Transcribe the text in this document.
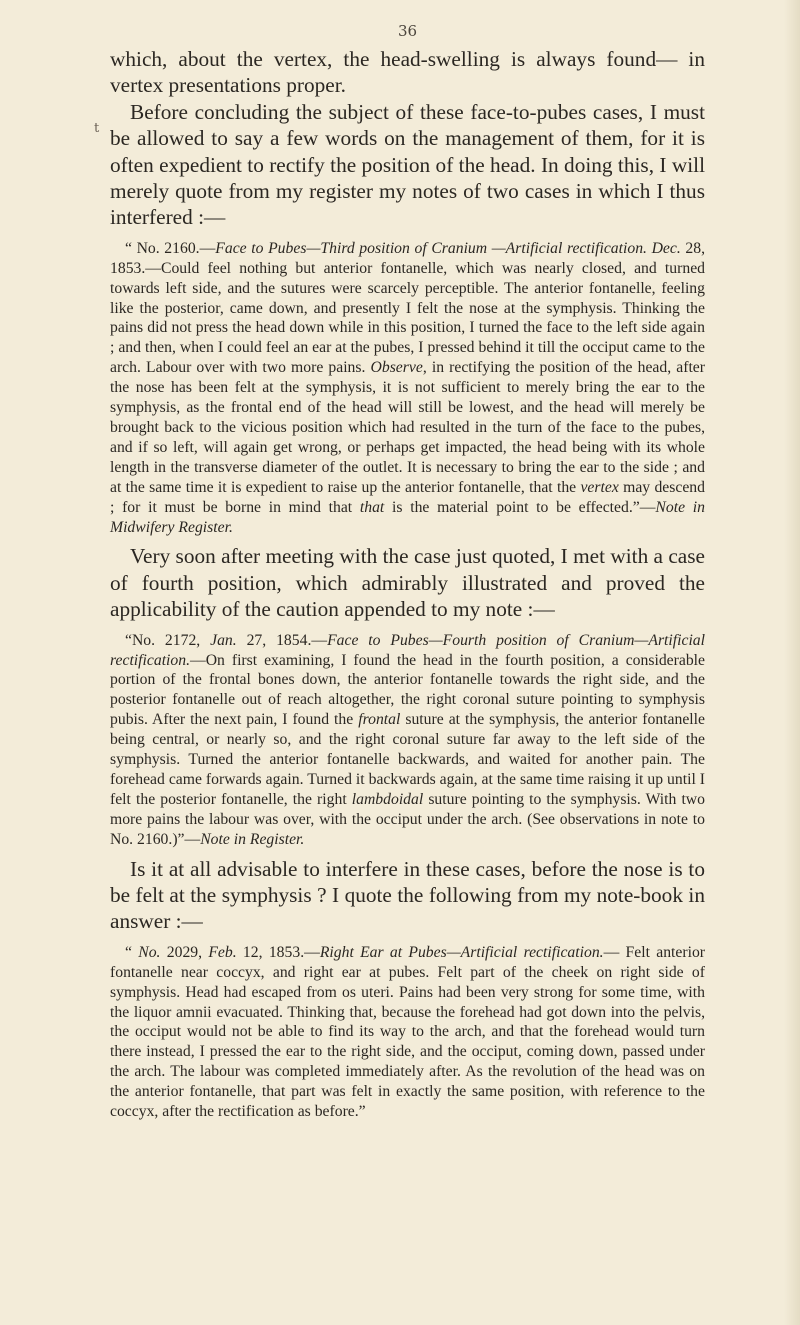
t
36

which, about the vertex, the head-swelling is always found— in vertex presentations proper.

Before concluding the subject of these face-to-pubes cases, I must be allowed to say a few words on the management of them, for it is often expedient to rectify the position of the head. In doing this, I will merely quote from my register my notes of two cases in which I thus interfered :—

“ No. 2160.—Face to Pubes—Third position of Cranium —Artificial rectification. Dec. 28, 1853.—Could feel nothing but anterior fontanelle, which was nearly closed, and turned towards left side, and the sutures were scarcely perceptible. The anterior fontanelle, feeling like the posterior, came down, and presently I felt the nose at the symphysis. Thinking the pains did not press the head down while in this position, I turned the face to the left side again ; and then, when I could feel an ear at the pubes, I pressed behind it till the occiput came to the arch. Labour over with two more pains. Observe, in rectifying the position of the head, after the nose has been felt at the symphysis, it is not sufficient to merely bring the ear to the symphysis, as the frontal end of the head will still be lowest, and the head will merely be brought back to the vicious position which had resulted in the turn of the face to the pubes, and if so left, will again get wrong, or perhaps get impacted, the head being with its whole length in the transverse diameter of the outlet. It is necessary to bring the ear to the side ; and at the same time it is expedient to raise up the anterior fontanelle, that the vertex may descend ; for it must be borne in mind that that is the material point to be effected.”—Note in Midwifery Register.

Very soon after meeting with the case just quoted, I met with a case of fourth position, which admirably illustrated and proved the applicability of the caution appended to my note :—

“No. 2172, Jan. 27, 1854.—Face to Pubes—Fourth position of Cranium—Artificial rectification.—On first examining, I found the head in the fourth position, a considerable portion of the frontal bones down, the anterior fontanelle towards the right side, and the posterior fontanelle out of reach altogether, the right coronal suture pointing to symphysis pubis. After the next pain, I found the frontal suture at the symphysis, the anterior fontanelle being central, or nearly so, and the right coronal suture far away to the left side of the symphysis. Turned the anterior fontanelle backwards, and waited for another pain. The forehead came forwards again. Turned it backwards again, at the same time raising it up until I felt the posterior fontanelle, the right lambdoidal suture pointing to the symphysis. With two more pains the labour was over, with the occiput under the arch. (See observations in note to No. 2160.)”—Note in Register.

Is it at all advisable to interfere in these cases, before the nose is to be felt at the symphysis ? I quote the following from my note-book in answer :—

“ No. 2029, Feb. 12, 1853.—Right Ear at Pubes—Artificial rectification.— Felt anterior fontanelle near coccyx, and right ear at pubes. Felt part of the cheek on right side of symphysis. Head had escaped from os uteri. Pains had been very strong for some time, with the liquor amnii evacuated. Thinking that, because the forehead had got down into the pelvis, the occiput would not be able to find its way to the arch, and that the forehead would turn there instead, I pressed the ear to the right side, and the occiput, coming down, passed under the arch. The labour was completed immediately after. As the revolution of the head was on the anterior fontanelle, that part was felt in exactly the same position, with reference to the coccyx, after the rectification as before.”
